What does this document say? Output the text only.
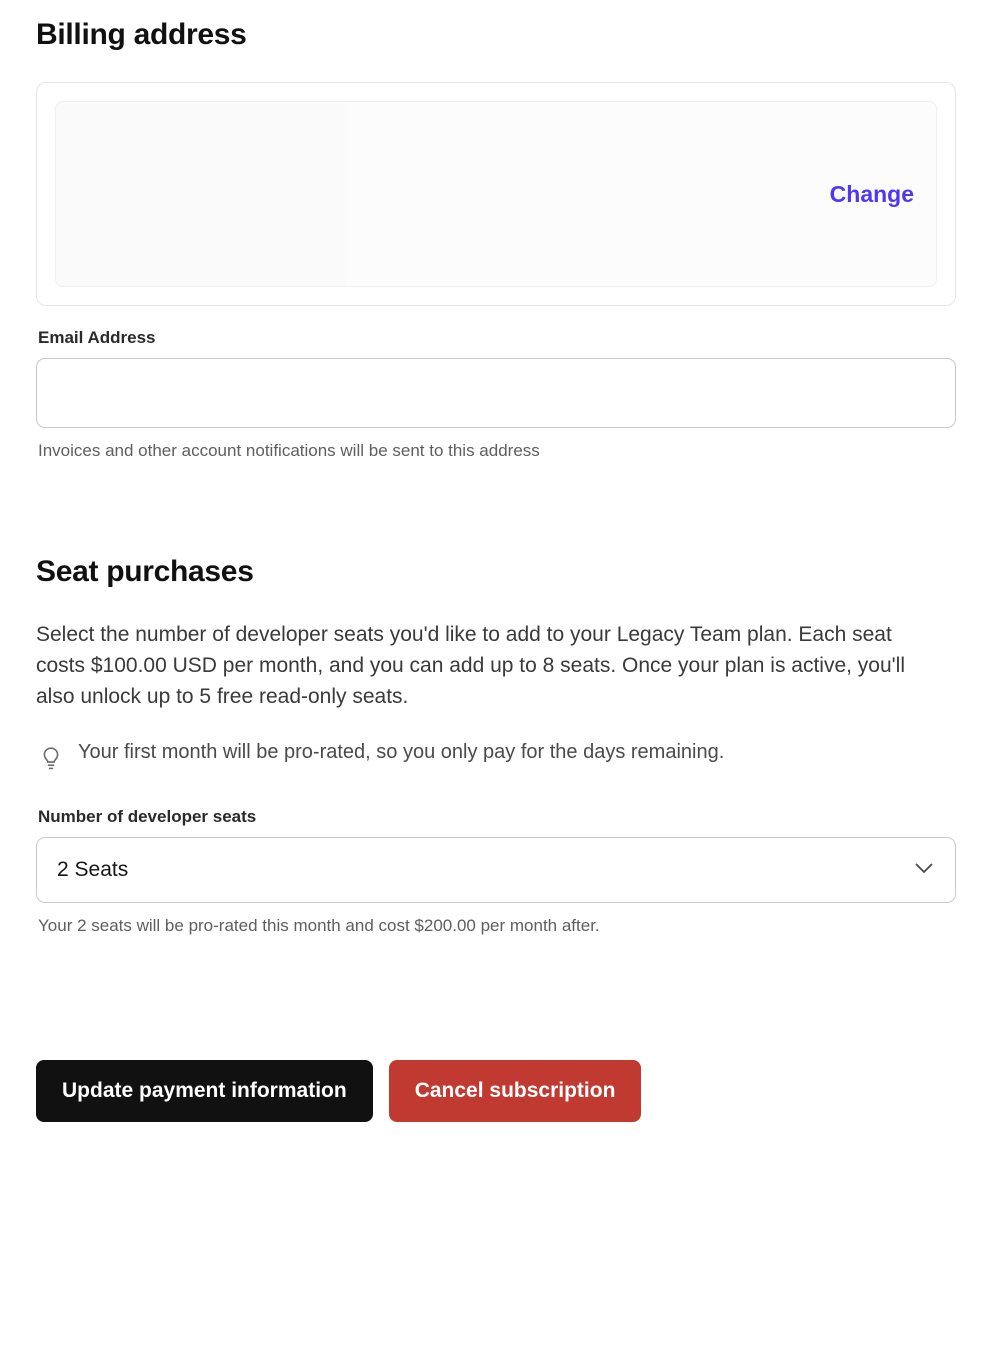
Billing address
Change
Email Address

Invoices and other account notifications will be sent to this address

Seat purchases

Select the number of developer seats you'd like to add to your Legacy Team plan. Each seat costs $100.00 USD per month, and you can add up to 8 seats. Once your plan is active, you'll also unlock up to 5 free read-only seats.

Your first month will be pro-rated, so you only pay for the days remaining.
Number of developer seats
2 Seats

Your 2 seats will be pro-rated this month and cost $200.00 per month after.

Update payment information	Cancel subscription
